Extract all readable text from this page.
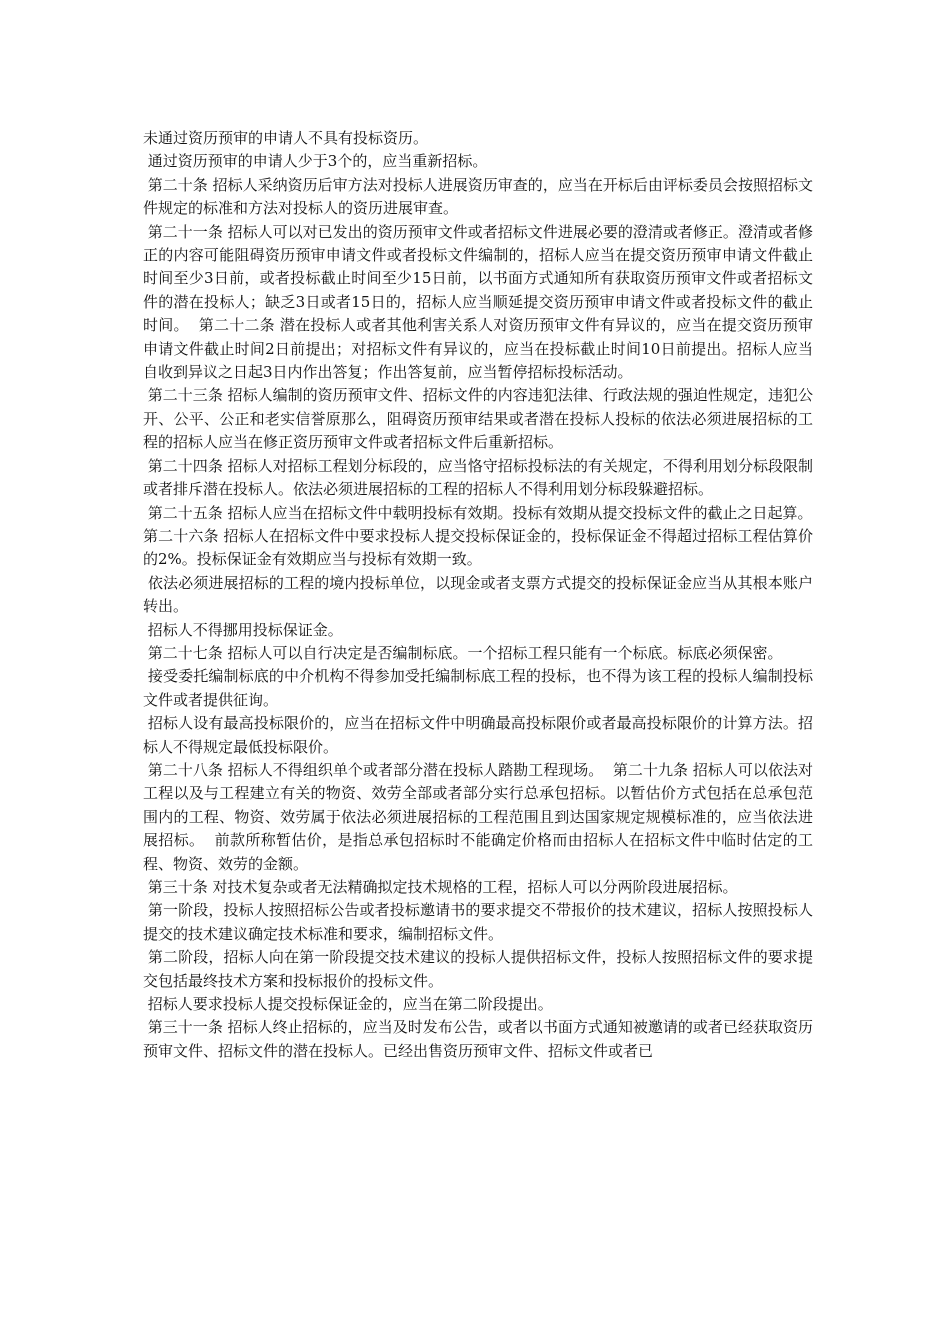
未通过资历预审的申请人不具有投标资历。

通过资历预审的申请人少于3个的，应当重新招标。

第二十条 招标人采纳资历后审方法对投标人进展资历审查的，应当在开标后由评标委员会按照招标文件规定的标准和方法对投标人的资历进展审查。

第二十一条 招标人可以对已发出的资历预审文件或者招标文件进展必要的澄清或者修正。澄清或者修正的内容可能阻碍资历预审申请文件或者投标文件编制的，招标人应当在提交资历预审申请文件截止时间至少3日前，或者投标截止时间至少15日前，以书面方式通知所有获取资历预审文件或者招标文件的潜在投标人；缺乏3日或者15日的，招标人应当顺延提交资历预审申请文件或者投标文件的截止时间。  第二十二条 潜在投标人或者其他利害关系人对资历预审文件有异议的，应当在提交资历预审申请文件截止时间2日前提出；对招标文件有异议的，应当在投标截止时间10日前提出。招标人应当自收到异议之日起3日内作出答复；作出答复前，应当暂停招标投标活动。

第二十三条 招标人编制的资历预审文件、招标文件的内容违犯法律、行政法规的强迫性规定，违犯公开、公平、公正和老实信誉原那么，阻碍资历预审结果或者潜在投标人投标的依法必须进展招标的工程的招标人应当在修正资历预审文件或者招标文件后重新招标。

第二十四条 招标人对招标工程划分标段的，应当恪守招标投标法的有关规定，不得利用划分标段限制或者排斥潜在投标人。依法必须进展招标的工程的招标人不得利用划分标段躲避招标。

第二十五条 招标人应当在招标文件中载明投标有效期。投标有效期从提交投标文件的截止之日起算。

第二十六条 招标人在招标文件中要求投标人提交投标保证金的，投标保证金不得超过招标工程估算价的2%。投标保证金有效期应当与投标有效期一致。

依法必须进展招标的工程的境内投标单位，以现金或者支票方式提交的投标保证金应当从其根本账户转出。

招标人不得挪用投标保证金。

第二十七条 招标人可以自行决定是否编制标底。一个招标工程只能有一个标底。标底必须保密。

接受委托编制标底的中介机构不得参加受托编制标底工程的投标，也不得为该工程的投标人编制投标文件或者提供征询。

招标人设有最高投标限价的，应当在招标文件中明确最高投标限价或者最高投标限价的计算方法。招标人不得规定最低投标限价。

第二十八条 招标人不得组织单个或者部分潜在投标人踏勘工程现场。  第二十九条 招标人可以依法对工程以及与工程建立有关的物资、效劳全部或者部分实行总承包招标。以暂估价方式包括在总承包范围内的工程、物资、效劳属于依法必须进展招标的工程范围且到达国家规定规模标准的，应当依法进展招标。  前款所称暂估价，是指总承包招标时不能确定价格而由招标人在招标文件中临时估定的工程、物资、效劳的金额。

第三十条 对技术复杂或者无法精确拟定技术规格的工程，招标人可以分两阶段进展招标。

第一阶段，投标人按照招标公告或者投标邀请书的要求提交不带报价的技术建议，招标人按照投标人提交的技术建议确定技术标准和要求，编制招标文件。

第二阶段，招标人向在第一阶段提交技术建议的投标人提供招标文件，投标人按照招标文件的要求提交包括最终技术方案和投标报价的投标文件。

招标人要求投标人提交投标保证金的，应当在第二阶段提出。

第三十一条 招标人终止招标的，应当及时发布公告，或者以书面方式通知被邀请的或者已经获取资历预审文件、招标文件的潜在投标人。已经出售资历预审文件、招标文件或者已
